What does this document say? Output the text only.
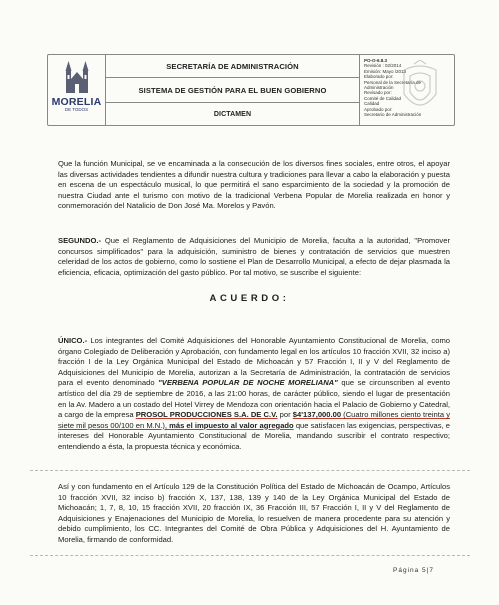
MORELIA
DE TODOS
SECRETARÍA DE ADMINISTRACIÓN
SISTEMA DE GESTIÓN PARA EL BUEN GOBIERNO
DICTAMEN
PO-O-6.8.3
Revisión : 02/2014
Emisión: Mayo /2013
Elaborado por:
Personal de la Secretaría de
Administración
Revisado por:
Comité de Calidad
Calidad
Aprobado por:
Secretario de Administración

Que la función Municipal, se ve encaminada a la consecución de los diversos fines sociales, entre otros, el apoyar las diversas actividades tendientes a difundir nuestra cultura y tradiciones para llevar a cabo la elaboración y puesta en escena de un espectáculo musical, lo que permitirá el sano esparcimiento de la sociedad y la promoción de nuestra Ciudad ante el turismo con motivo de la tradicional Verbena Popular de Morelia realizada en honor y conmemoración del Natalicio de Don José Ma. Morelos y Pavón.

SEGUNDO.- Que el Reglamento de Adquisiciones del Municipio de Morelia, faculta a la autoridad, "Promover concursos simplificados" para la adquisición, suministro de bienes y contratación de servicios que muestren celeridad de los actos de gobierno, como lo sostiene el Plan de Desarrollo Municipal, a efecto de dejar plasmada la eficiencia, eficacia, optimización del gasto público. Por tal motivo, se suscribe el siguiente:

ACUERDO:

ÚNICO.- Los integrantes del Comité Adquisiciones del Honorable Ayuntamiento Constitucional de Morelia, como órgano Colegiado de Deliberación y Aprobación, con fundamento legal en los artículos 10 fracción XVII, 32 inciso a) fracción I de la Ley Orgánica Municipal del Estado de Michoacán y 57 Fracción I, II y V del Reglamento de Adquisiciones del Municipio de Morelia, autorizan a la Secretaría de Administración, la contratación de servicios para el evento denominado "VERBENA POPULAR DE NOCHE MORELIANA" que se circunscriben al evento artístico del día 29 de septiembre de 2016, a las 21:00 horas, de carácter público, siendo el lugar de presentación en la Av. Madero a un costado del Hotel Virrey de Mendoza con orientación hacia el Palacio de Gobierno y Catedral, a cargo de la empresa PROSOL PRODUCCIONES S.A. DE C.V. por $4'137,000.00 (Cuatro millones ciento treinta y siete mil pesos 00/100 en M.N.), más el impuesto al valor agregado que satisfacen las exigencias, perspectivas, e intereses del Honorable Ayuntamiento Constitucional de Morelia, mandando suscribir el contrato respectivo; entendiendo a ésta, la propuesta técnica y económica.

Así y con fundamento en el Artículo 129 de la Constitución Política del Estado de Michoacán de Ocampo, Artículos 10 fracción XVII, 32 inciso b) fracción X, 137, 138, 139 y 140 de la Ley Orgánica Municipal del Estado de Michoacán; 1, 7, 8, 10, 15 fracción XVII, 20 fracción IX, 36 Fracción III, 57 Fracción I, II y V del Reglamento de Adquisiciones y Enajenaciones del Municipio de Morelia, lo resuelven de manera procedente para su atención y debido cumplimiento, los CC. Integrantes del Comité de Obra Pública y Adquisiciones del H. Ayuntamiento de Morelia, firmando de conformidad.

Página 5|7
